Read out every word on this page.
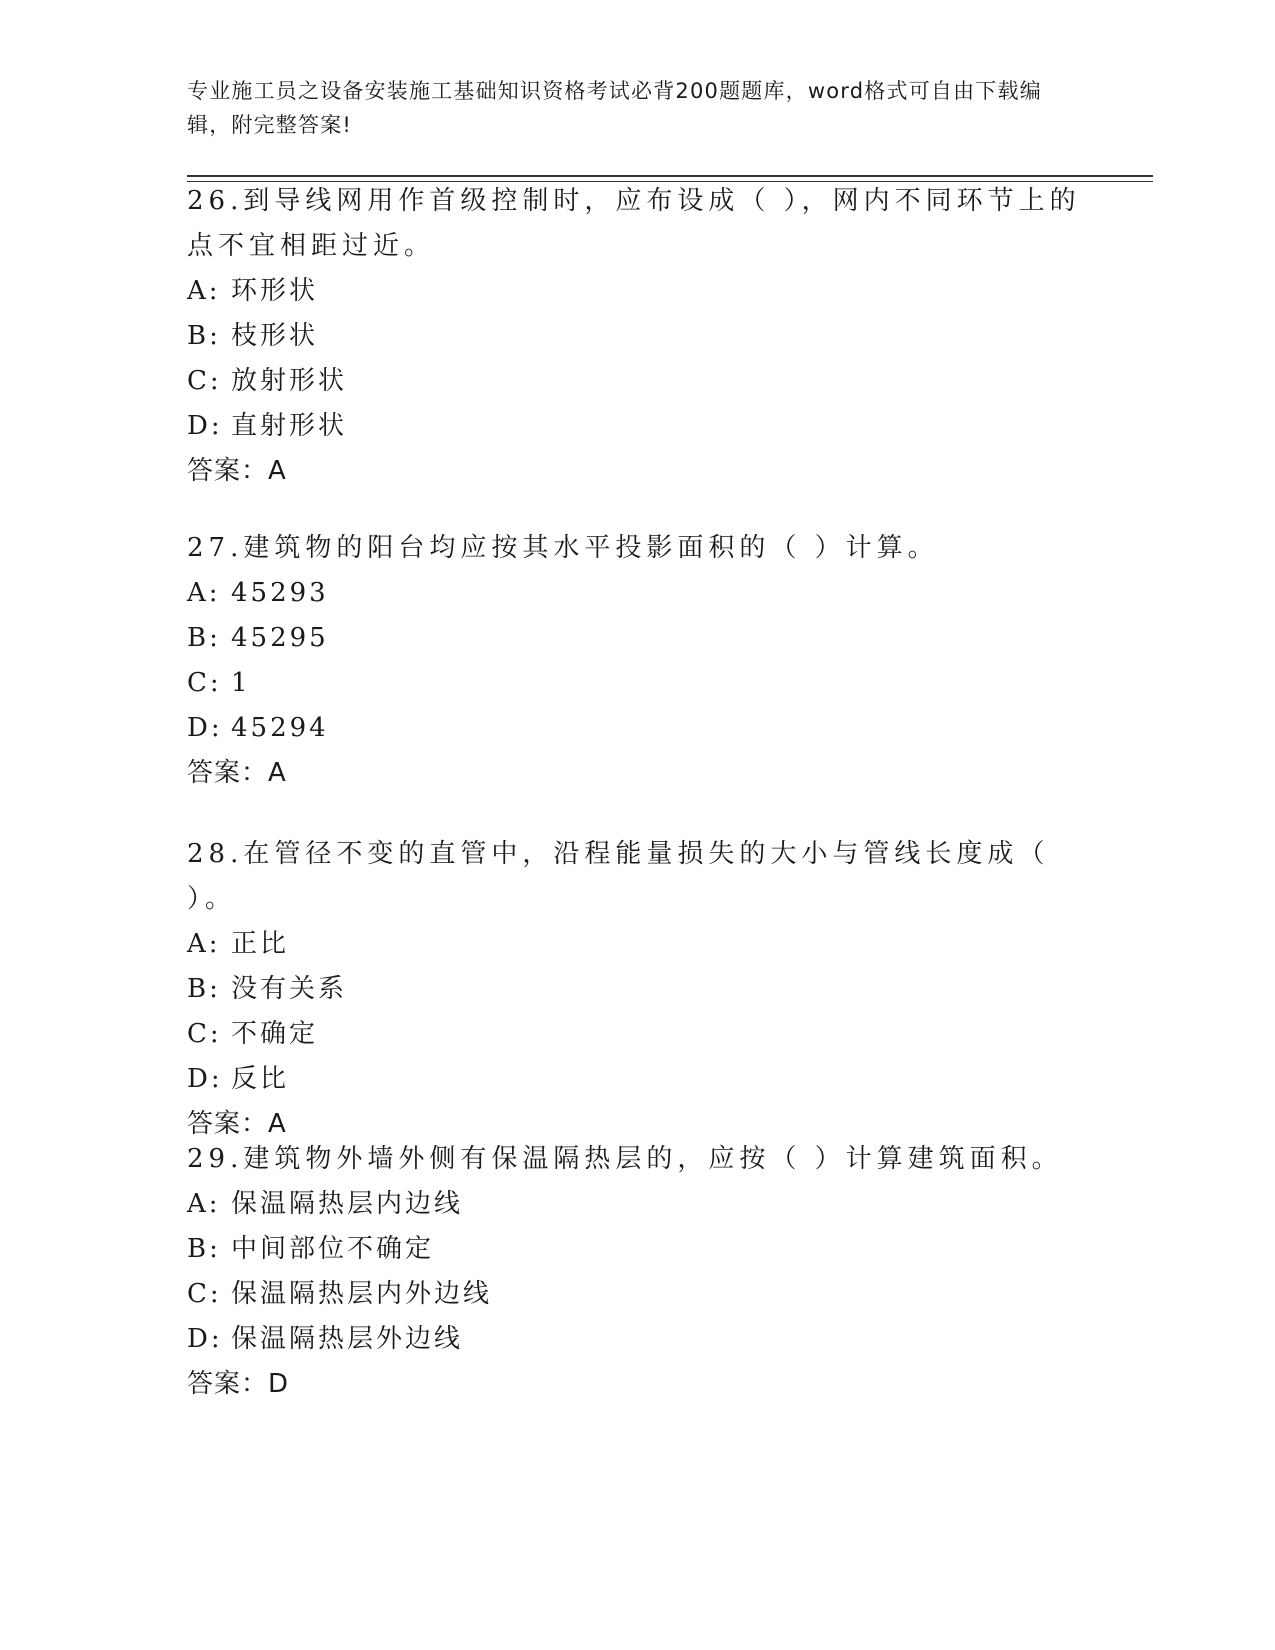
专业施工员之设备安装施工基础知识资格考试必背200题题库，word格式可自由下载编辑，附完整答案!

26.到导线网用作首级控制时，应布设成（ ），网内不同环节上的点不宜相距过近。

A: 环形状
B: 枝形状
C: 放射形状
D: 直射形状
答案：A

27.建筑物的阳台均应按其水平投影面积的（ ）计算。

A: 45293
B: 45295
C: 1
D: 45294
答案：A

28.在管径不变的直管中，沿程能量损失的大小与管线长度成（ ）。

A: 正比
B: 没有关系
C: 不确定
D: 反比
答案：A

29.建筑物外墙外侧有保温隔热层的，应按（ ）计算建筑面积。

A: 保温隔热层内边线
B: 中间部位不确定
C: 保温隔热层内外边线
D: 保温隔热层外边线
答案：D
